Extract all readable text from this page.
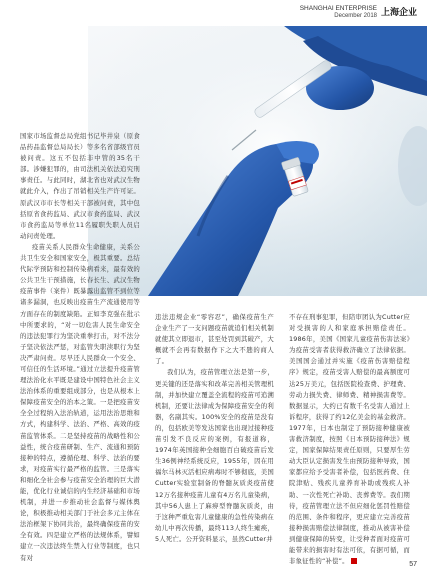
SHANGHAI ENTERPRISE
December 2018 上海企业

国家市场监督总局党组书记毕井泉（原食品药品监督总局局长）等多名省部级官员被问责。这五不包括非中管的35名干部。涉嫌犯罪的，由司法机关依法追究刑事责任。与此同时，湖北省也对武汉生物就此介入，作出了吊销相关生产许可证。原武汉市市长等相关干部被问责，其中包括原省食药监局、武汉市食药监局、武汉市食药监局等单位11名履职失职人员启动问责处理。

疫苗关系人民群众生命健康，关系公共卫生安全和国家安全，极其重要。总结代际学预防和控制传染病看来，最有效的公共卫生干预措施，长春长生、武汉生物疫苗事件（案件）既暴露出监管不到位等诸多漏洞，也反映出疫苗生产流通使用等方面存在的制度缺陷。正如李克强在批示中所要求的，“对一切危害人民生命安全的违法犯罪行为坚决重拳打击，对不法分子坚决依法严惩，对监管失职渎职行为坚决严肃问责。尽早还人民群众一个安全、可信任的生活环境。”通过立法提升疫苗管理法治化水平既是建设中国特色社会主义法治体系的重要组成部分，也是从根本上保障疫苗安全的治本之策。一是把疫苗安全全过程纳入法治轨道，运用法治思维和方式，构建科学、法治、严格、高效的疫苗监管体系。二是坚持疫苗的战略性和公益性，统合疫苗研制、生产、流通和预防接种的特点，遵循伦理、科学、法治的要求，对疫苗实行最严格的监管。三是落实和细化全社会参与疫苗安全治理的巨大潜能，优化行业诚信的内生经济基础和市场机制，并进一步推动社会监督与媒体舆论，积极推动相关部门于社会多元主体在法治框架下协同共治，最终确保疫苗的安全有效。四是建立严格的法规体系，譬如建立一次违法终生禁入行业等制度，也只有对

违法违规企业“零容忍”，确保疫苗生产企业生产了一支问题疫苗就追们相关机制就使其立即退市，甚至处罚到其破产，大概就不会再有数据作下之大不韪的商人了。

我们认为，疫苗管理立法是第一步，更关键的还是落实和改革完善相关管理机制，并加快建立覆盖全流程的疫苗可追溯机制，还要让法律成为保障疫苗安全的利器，名副其实。100%安全的疫苗是没有的，包括欧美等发达国家也出现过接种疫苗引发不良反应的案例，有报道称，1974年英国接种全细胞百白破疫苗后发生36例神经系统反应，1955年，因在用福尔马林灭活相应病毒时不够彻底，美国Cutter实验室制备的脊髓灰质炎疫苗使12万名接种疫苗儿童有4万名儿童染病，其中56人患上了麻痹型脊髓灰质炎，由于这种严重危害儿童健康的急性传染病在幼儿中再次传播，最终113人终生瘫痪，5人死亡。公开资料显示，虽然Cutter并

不存在刑事犯罪，但陪审团认为Cutter应对受损害的人和家庭承担赔偿责任。1986年，美国《国家儿童疫苗伤害法案》为疫苗受害者获得救济确立了法律依据。美国国会通过并实施《疫苗伤害赔偿程序》规定，疫苗受害人赔偿的最高额度可达25万美元，包括医院检查费、护理费、劳动力损失费、律师费、精神损害费等。数据显示，大约已有数千名受害人通过上诉程序，获得了约12亿美金的基金救济。1977年，日本也制定了预防接种健康被害救济制度，按照《日本预防接种法》规定，国家保障结果责任原则，只要厚生劳动大臣认定损害发生由预防接种导致，国家都应给予受害者补偿，包括医药费、住院津贴、残疾儿童养育补助或残疾人补助、一次性死亡补助、丧葬费等。我们期待，疫苗管理立法不但应细化惩罚性赔偿的范围、条件和程序，更应建立完善疫苗接种损害赔偿法律制度，推动从被害补偿到健康保障的转变，让受种者面对疫苗可能带来的损害时有法可依，有据可循，而非象征性的“补偿”。	57
